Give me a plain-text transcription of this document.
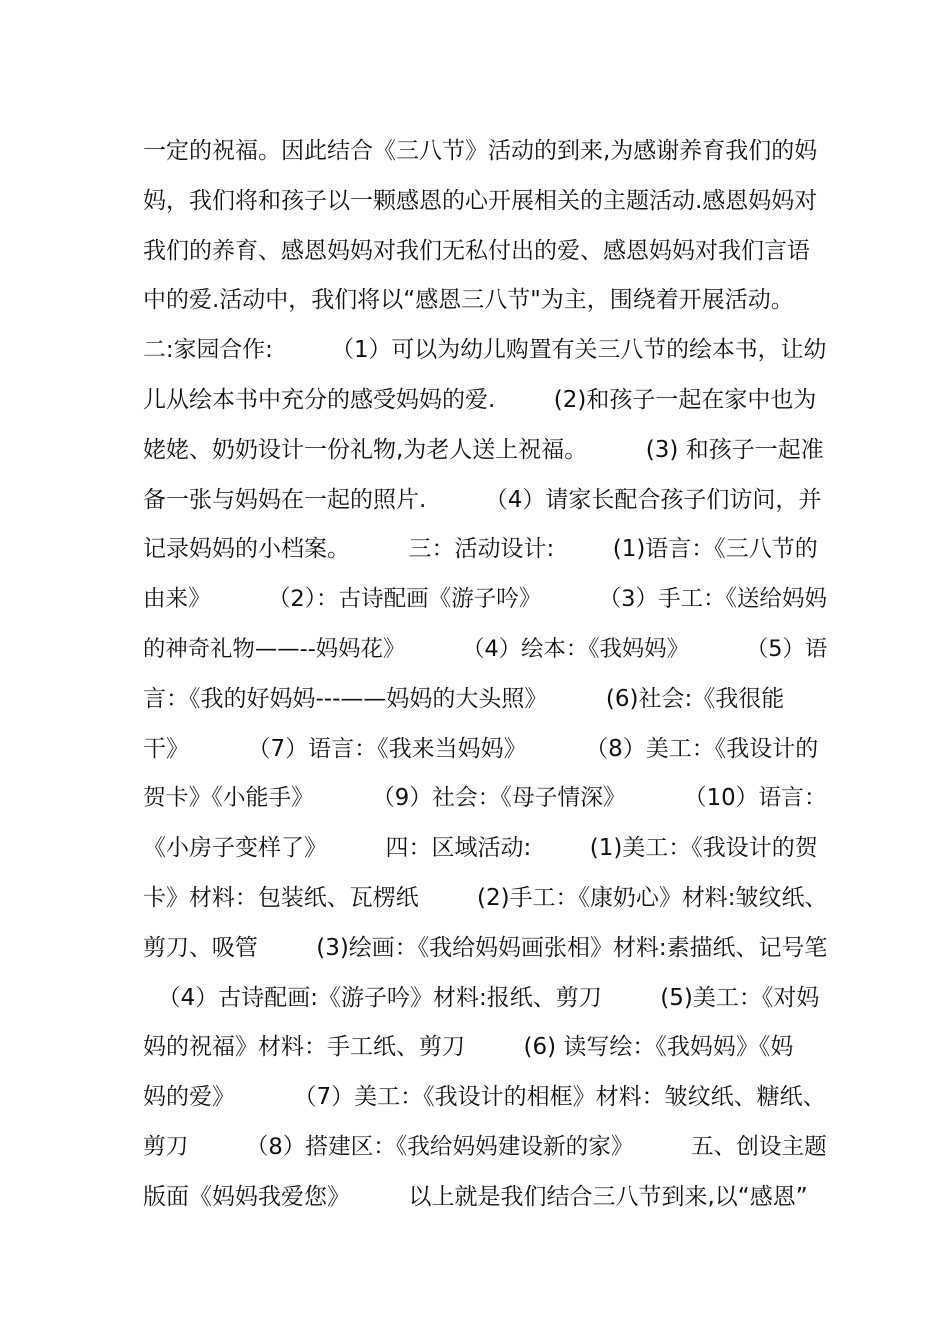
一定的祝福。因此结合《三八节》活动的到来,为感谢养育我们的妈
妈，我们将和孩子以一颗感恩的心开展相关的主题活动.感恩妈妈对
我们的养育、感恩妈妈对我们无私付出的爱、感恩妈妈对我们言语
中的爱.活动中，我们将以“感恩三八节"为主，围绕着开展活动。
二:家园合作:        （1）可以为幼儿购置有关三八节的绘本书，让幼
儿从绘本书中充分的感受妈妈的爱.        (2)和孩子一起在家中也为
姥姥、奶奶设计一份礼物,为老人送上祝福。        (3) 和孩子一起准
备一张与妈妈在一起的照片.        （4）请家长配合孩子们访问，并
记录妈妈的小档案。        三：活动设计:        (1)语言：《三八节的
由来》        （2）：古诗配画《游子吟》        （3）手工：《送给妈妈
的神奇礼物——--妈妈花》        （4）绘本：《我妈妈》        （5）语
言：《我的好妈妈---——妈妈的大头照》        (6)社会:《我很能
干》        （7）语言：《我来当妈妈》        （8）美工：《我设计的
贺卡》《小能手》        （9）社会：《母子情深》        （10）语言：
《小房子变样了》        四：区域活动:        (1)美工：《我设计的贺
卡》材料：包装纸、瓦楞纸        (2)手工：《康奶心》材料:皱纹纸、
剪刀、吸管        (3)绘画：《我给妈妈画张相》材料:素描纸、记号笔
（4）古诗配画:《游子吟》材料:报纸、剪刀        (5)美工：《对妈
妈的祝福》材料：手工纸、剪刀        (6) 读写绘：《我妈妈》《妈
妈的爱》        （7）美工：《我设计的相框》材料：皱纹纸、糖纸、
剪刀        （8）搭建区：《我给妈妈建设新的家》        五、创设主题
版面《妈妈我爱您》        以上就是我们结合三八节到来,以“感恩”
